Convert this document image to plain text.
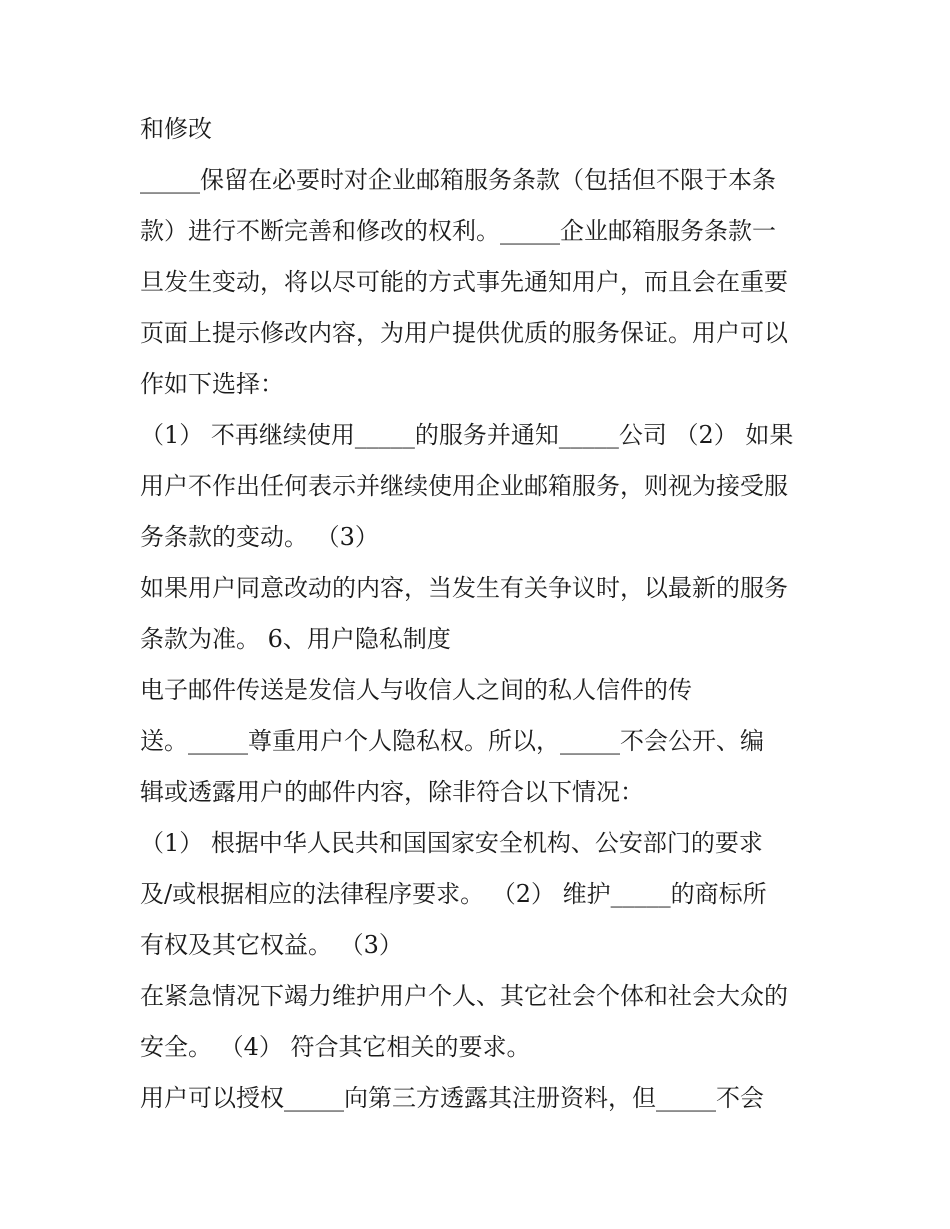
和修改
_____保留在必要时对企业邮箱服务条款（包括但不限于本条
款）进行不断完善和修改的权利。_____企业邮箱服务条款一
旦发生变动，将以尽可能的方式事先通知用户，而且会在重要
页面上提示修改内容，为用户提供优质的服务保证。用户可以
作如下选择：
（1） 不再继续使用_____的服务并通知_____公司 （2） 如果
用户不作出任何表示并继续使用企业邮箱服务，则视为接受服
务条款的变动。 （3）
如果用户同意改动的内容，当发生有关争议时，以最新的服务
条款为准。 6、用户隐私制度
电子邮件传送是发信人与收信人之间的私人信件的传
送。_____尊重用户个人隐私权。所以，_____不会公开、编
辑或透露用户的邮件内容，除非符合以下情况：
（1） 根据中华人民共和国国家安全机构、公安部门的要求
及/或根据相应的法律程序要求。 （2） 维护_____的商标所
有权及其它权益。 （3）
在紧急情况下竭力维护用户个人、其它社会个体和社会大众的
安全。 （4） 符合其它相关的要求。
用户可以授权_____向第三方透露其注册资料，但_____不会
